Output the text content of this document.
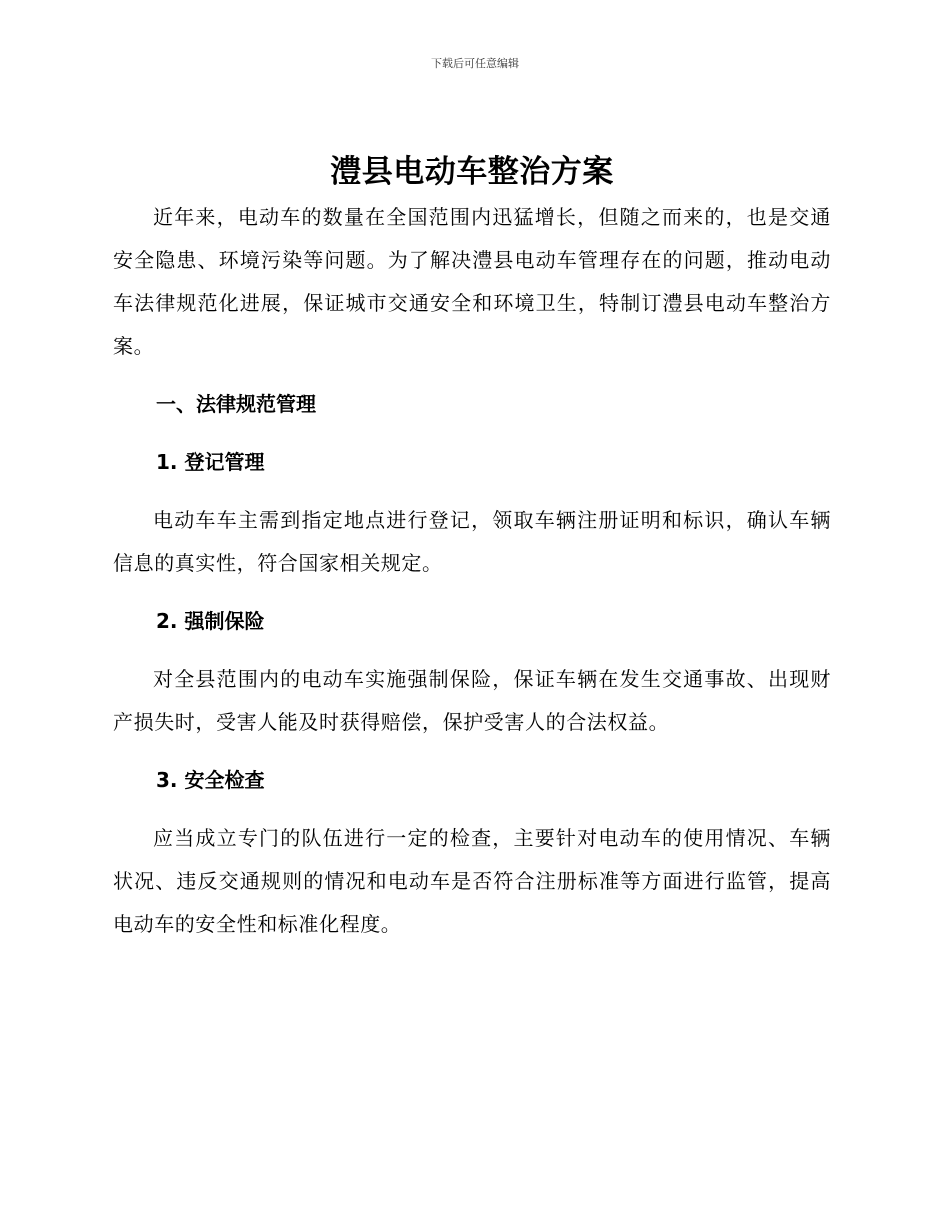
下载后可任意编辑
澧县电动车整治方案

近年来，电动车的数量在全国范围内迅猛增长，但随之而来的，也是交通安全隐患、环境污染等问题。为了解决澧县电动车管理存在的问题，推动电动车法律规范化进展，保证城市交通安全和环境卫生，特制订澧县电动车整治方案。

一、法律规范管理
1. 登记管理

电动车车主需到指定地点进行登记，领取车辆注册证明和标识，确认车辆信息的真实性，符合国家相关规定。

2. 强制保险

对全县范围内的电动车实施强制保险，保证车辆在发生交通事故、出现财产损失时，受害人能及时获得赔偿，保护受害人的合法权益。

3. 安全检查

应当成立专门的队伍进行一定的检查，主要针对电动车的使用情况、车辆状况、违反交通规则的情况和电动车是否符合注册标准等方面进行监管，提高电动车的安全性和标准化程度。
